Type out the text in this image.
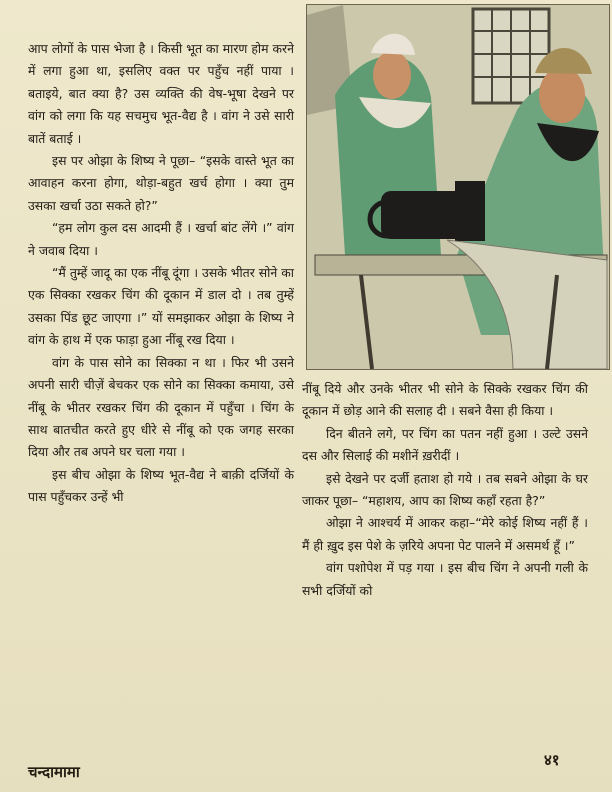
आप लोगों के पास भेजा है । किसी भूत का मारण होम करने में लगा हुआ था, इसलिए वक्त पर पहुँच नहीं पाया । बताइये, बात क्या है? उस व्यक्ति की वेष-भूषा देखने पर वांग को लगा कि यह सचमुच भूत-वैद्य है । वांग ने उसे सारी बातें बताई ।

इस पर ओझा के शिष्य ने पूछा– “इसके वास्ते भूत का आवाहन करना होगा, थोड़ा-बहुत खर्च होगा । क्या तुम उसका खर्चा उठा सकते हो?”

“हम लोग कुल दस आदमी हैं । खर्चा बांट लेंगे ।” वांग ने जवाब दिया ।

“मैं तुम्हें जादू का एक नींबू दूंगा । उसके भीतर सोने का एक सिक्का रखकर चिंग की दूकान में डाल दो । तब तुम्हें उसका पिंड छूट जाएगा ।” यों समझाकर ओझा के शिष्य ने वांग के हाथ में एक फाड़ा हुआ नींबू रख दिया ।

वांग के पास सोने का सिक्का न था । फिर भी उसने अपनी सारी चीज़ें बेचकर एक सोने का सिक्का कमाया, उसे नींबू के भीतर रखकर चिंग की दूकान में पहुँचा । चिंग के साथ बातचीत करते हुए धीरे से नींबू को एक जगह सरका दिया और तब अपने घर चला गया ।

इस बीच ओझा के शिष्य भूत-वैद्य ने बाक़ी दर्जियों के पास पहुँचकर उन्हें भी

नींबू दिये और उनके भीतर भी सोने के सिक्के रखकर चिंग की दूकान में छोड़ आने की सलाह दी । सबने वैसा ही किया ।

दिन बीतने लगे, पर चिंग का पतन नहीं हुआ । उल्टे उसने दस और सिलाई की मशीनें ख़रीदीं ।

इसे देखने पर दर्जी हताश हो गये । तब सबने ओझा के घर जाकर पूछा– “महाशय, आप का शिष्य कहाँ रहता है?”

ओझा ने आश्चर्य में आकर कहा–“मेरे कोई शिष्य नहीं हैं । मैं ही ख़ुद इस पेशे के ज़रिये अपना पेट पालने में असमर्थ हूँ ।”

वांग पशोपेश में पड़ गया । इस बीच चिंग ने अपनी गली के सभी दर्जियों को

चन्दामामा
४१
